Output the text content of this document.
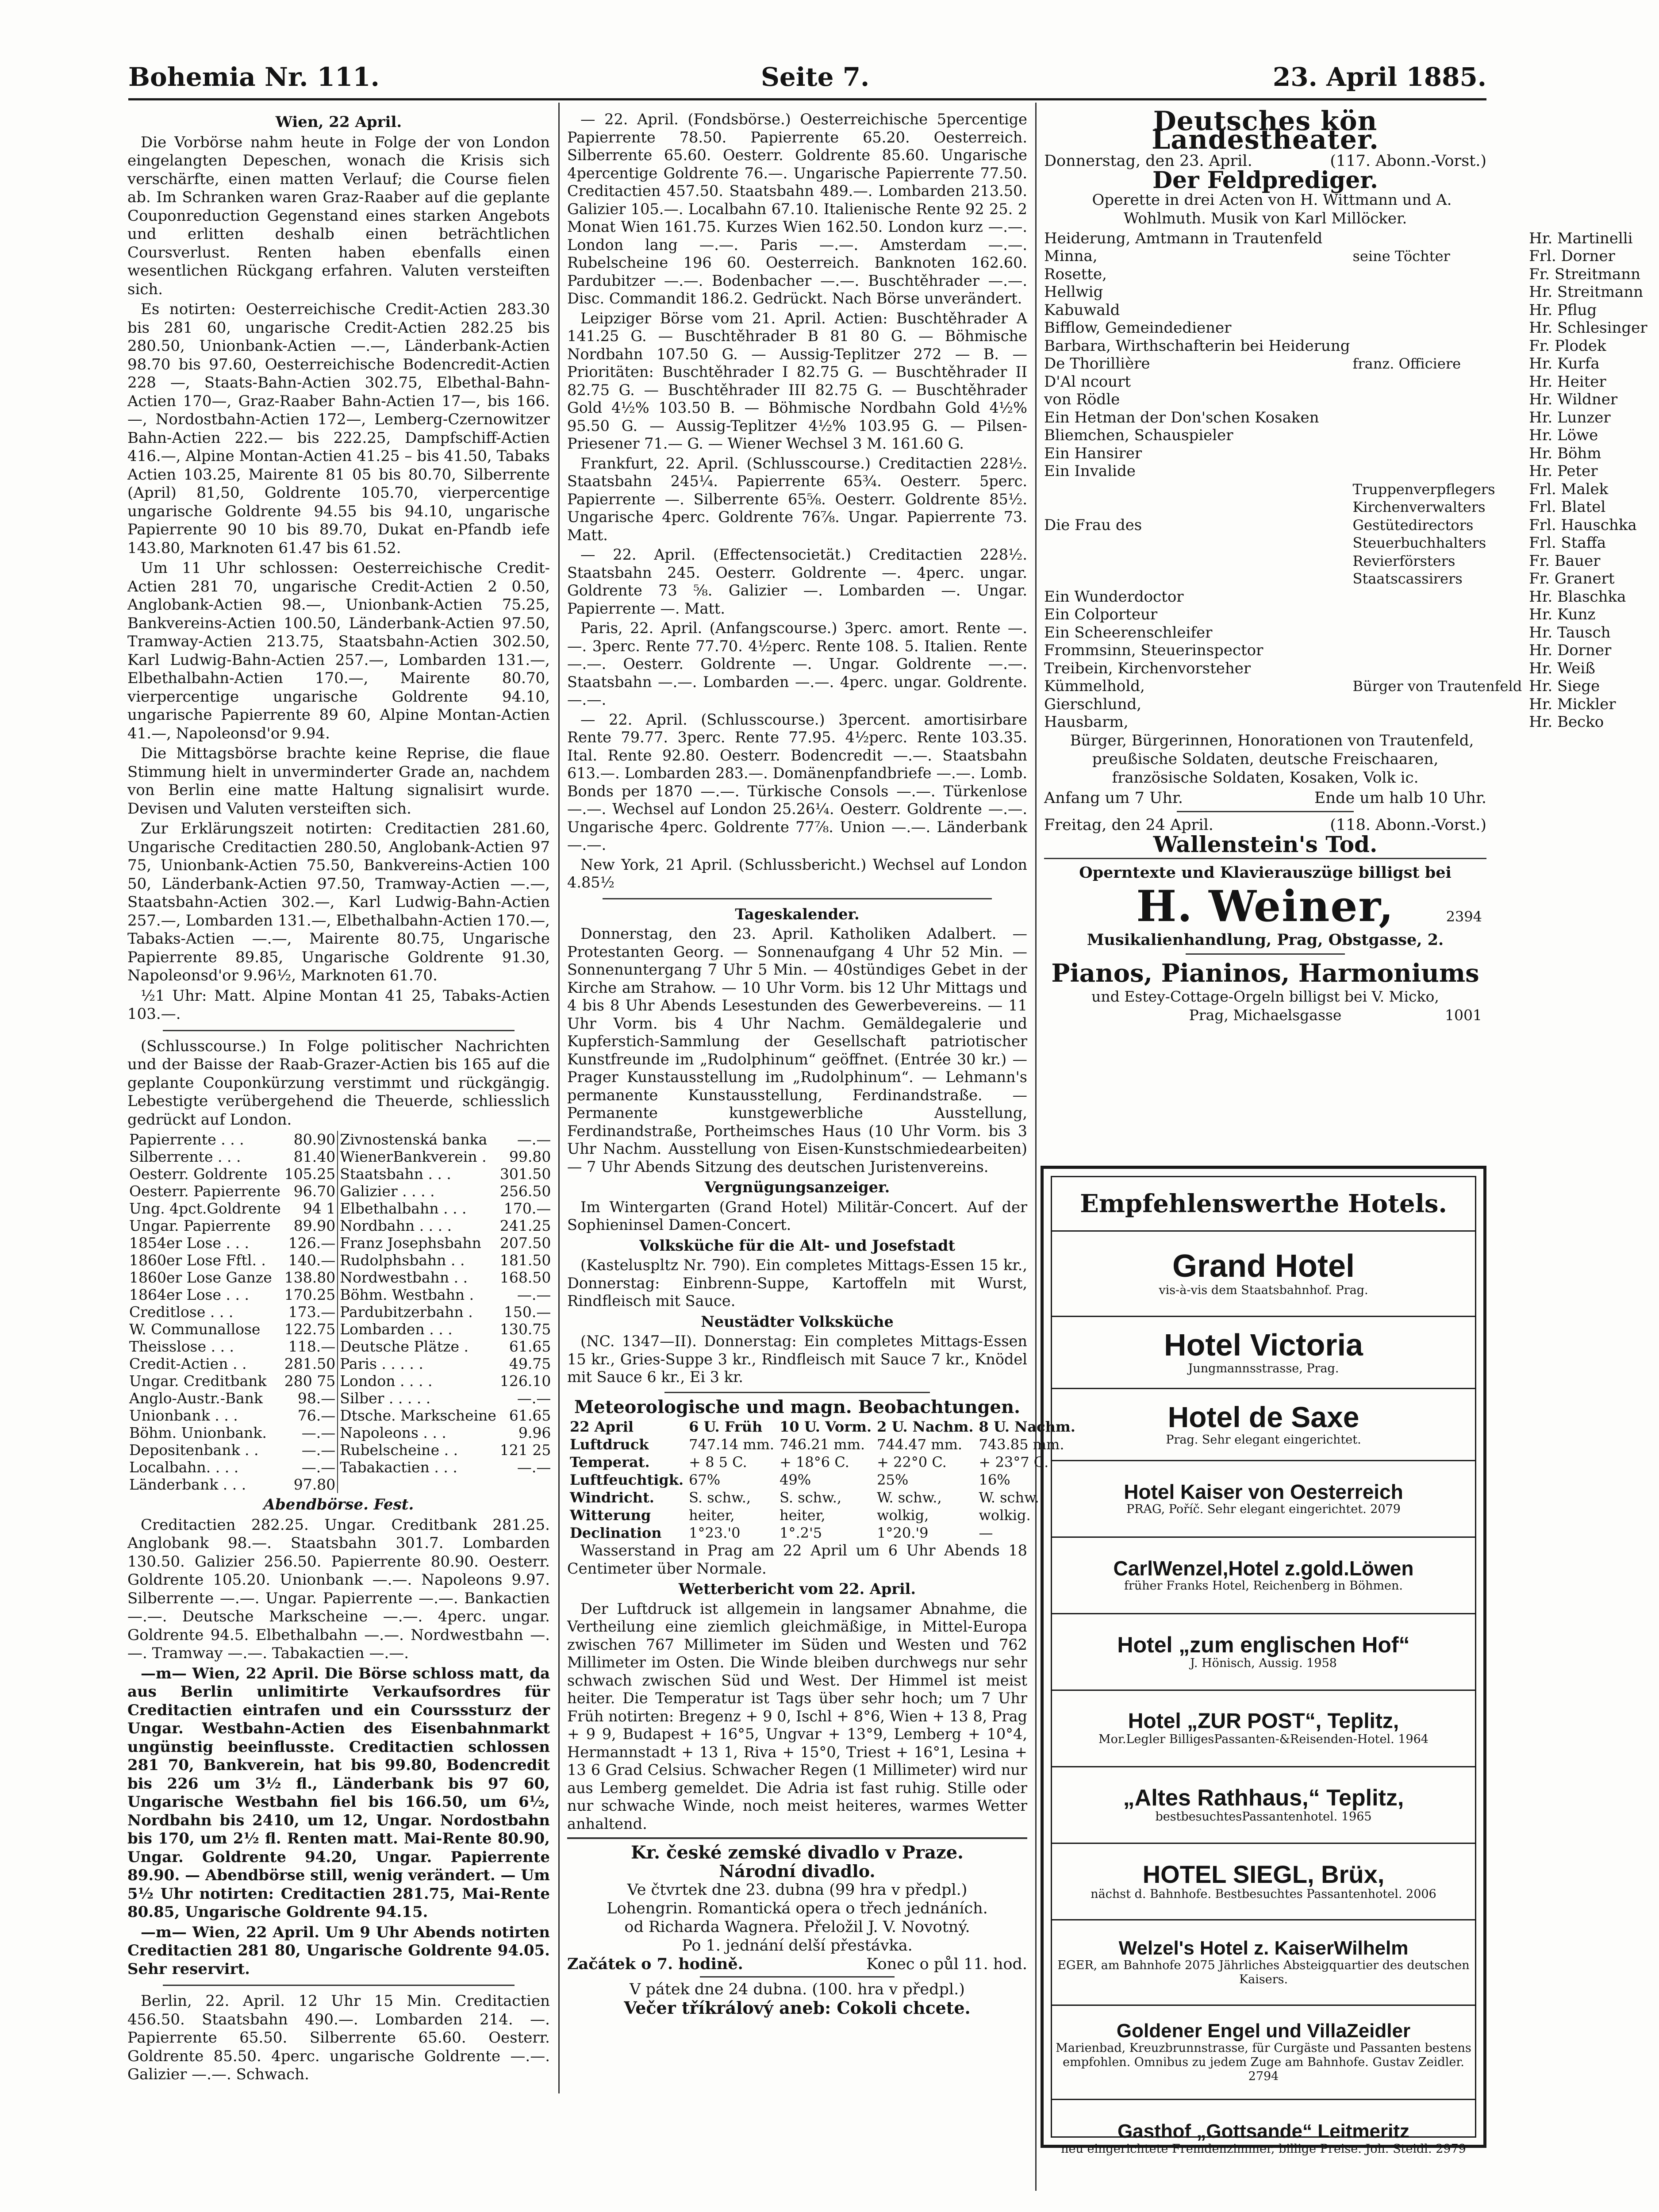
Bohemia Nr. 111.	Seite 7.	23. April 1885.

Wien, 22 April.

Die Vorbörse nahm heute in Folge der von London eingelangten Depeschen, wonach die Krisis sich verschärfte, einen matten Verlauf; die Course fielen ab. Im Schranken waren Graz-Raaber auf die geplante Couponreduction Gegenstand eines starken Angebots und erlitten deshalb einen beträchtlichen Coursverlust. Renten haben ebenfalls einen wesentlichen Rückgang erfahren. Valuten versteiften sich.

Es notirten: Oesterreichische Credit-Actien 283.30 bis 281 60, ungarische Credit-Actien 282.25 bis 280.50, Unionbank-Actien —.—, Länderbank-Actien 98.70 bis 97.60, Oesterreichische Bodencredit-Actien 228 —, Staats-Bahn-Actien 302.75, Elbethal-Bahn-Actien 170—, Graz-Raaber Bahn-Actien 17—, bis 166.—, Nordostbahn-Actien 172—, Lemberg-Czernowitzer Bahn-Actien 222.— bis 222.25, Dampfschiff-Actien 416.—, Alpine Montan-Actien 41.25 – bis 41.50, Tabaks Actien 103.25, Mairente 81 05 bis 80.70, Silberrente (April) 81,50, Goldrente 105.70, vierpercentige ungarische Goldrente 94.55 bis 94.10, ungarische Papierrente 90 10 bis 89.70, Dukat en-Pfandb iefe 143.80, Marknoten 61.47 bis 61.52.

Um 11 Uhr schlossen: Oesterreichische Credit-Actien 281 70, ungarische Credit-Actien 2 0.50, Anglobank-Actien 98.—, Unionbank-Actien 75.25, Bankvereins-Actien 100.50, Länderbank-Actien 97.50, Tramway-Actien 213.75, Staatsbahn-Actien 302.50, Karl Ludwig-Bahn-Actien 257.—, Lombarden 131.—, Elbethalbahn-Actien 170.—, Mairente 80.70, vierpercentige ungarische Goldrente 94.10, ungarische Papierrente 89 60, Alpine Montan-Actien 41.—, Napoleonsd'or 9.94.

Die Mittagsbörse brachte keine Reprise, die flaue Stimmung hielt in unverminderter Grade an, nachdem von Berlin eine matte Haltung signalisirt wurde. Devisen und Valuten versteiften sich.

Zur Erklärungszeit notirten: Creditactien 281.60, Ungarische Creditactien 280.50, Anglobank-Actien 97 75, Unionbank-Actien 75.50, Bankvereins-Actien 100 50, Länderbank-Actien 97.50, Tramway-Actien —.—, Staatsbahn-Actien 302.—, Karl Ludwig-Bahn-Actien 257.—, Lombarden 131.—, Elbethalbahn-Actien 170.—, Tabaks-Actien —.—, Mairente 80.75, Ungarische Papierrente 89.85, Ungarische Goldrente 91.30, Napoleonsd'or 9.96½, Marknoten 61.70.

½1 Uhr: Matt. Alpine Montan 41 25, Tabaks-Actien 103.—.

(Schlusscourse.) In Folge politischer Nachrichten und der Baisse der Raab-Grazer-Actien bis 165 auf die geplante Couponkürzung verstimmt und rückgängig. Lebestigte verübergehend die Theuerde, schliesslich gedrückt auf London.

Papierrente . . .	80.90	Zivnostenská banka	—.—
Silberrente . . .	81.40	WienerBankverein .	99.80
Oesterr. Goldrente	105.25	Staatsbahn . . .	301.50
Oesterr. Papierrente	96.70	Galizier . . . .	256.50
Ung. 4pct.Goldrente	94 1	Elbethalbahn . . .	170.—
Ungar. Papierrente	89.90	Nordbahn . . . .	241.25
1854er Lose . . .	126.—	Franz Josephsbahn	207.50
1860er Lose Fftl. .	140.—	Rudolphsbahn . .	181.50
1860er Lose Ganze	138.80	Nordwestbahn . .	168.50
1864er Lose . . .	170.25	Böhm. Westbahn .	—.—
Creditlose . . .	173.—	Pardubitzerbahn .	150.—
W. Communallose	122.75	Lombarden . . .	130.75
Theisslose . . .	118.—	Deutsche Plätze .	61.65
Credit-Actien . .	281.50	Paris . . . . .	49.75
Ungar. Creditbank	280 75	London . . . .	126.10
Anglo-Austr.-Bank	98.—	Silber . . . . .	—.—
Unionbank . . .	76.—	Dtsche. Markscheine	61.65
Böhm. Unionbank.	—.—	Napoleons . . .	9.96
Depositenbank . .	—.—	Rubelscheine . .	121 25
Localbahn. . . .	—.—	Tabakactien . . .	—.—
Länderbank . . .	97.80		

Abendbörse. Fest.

Creditactien 282.25. Ungar. Creditbank 281.25. Anglobank 98.—. Staatsbahn 301.7. Lombarden 130.50. Galizier 256.50. Papierrente 80.90. Oesterr. Goldrente 105.20. Unionbank —.—. Napoleons 9.97. Silberrente —.—. Ungar. Papierrente —.—. Bankactien —.—. Deutsche Markscheine —.—. 4perc. ungar. Goldrente 94.5. Elbethalbahn —.—. Nordwestbahn —.—. Tramway —.—. Tabakactien —.—.

—m— Wien, 22 April. Die Börse schloss matt, da aus Berlin unlimitirte Verkaufsordres für Creditactien eintrafen und ein Coursssturz der Ungar. Westbahn-Actien des Eisenbahnmarkt ungünstig beeinflusste. Creditactien schlossen 281 70, Bankverein, hat bis 99.80, Bodencredit bis 226 um 3½ fl., Länderbank bis 97 60, Ungarische Westbahn fiel bis 166.50, um 6½, Nordbahn bis 2410, um 12, Ungar. Nordostbahn bis 170, um 2½ fl. Renten matt. Mai-Rente 80.90, Ungar. Goldrente 94.20, Ungar. Papierrente 89.90. — Abendbörse still, wenig verändert. — Um 5½ Uhr notirten: Creditactien 281.75, Mai-Rente 80.85, Ungarische Goldrente 94.15.

—m— Wien, 22 April. Um 9 Uhr Abends notirten Creditactien 281 80, Ungarische Goldrente 94.05. Sehr reservirt.

Berlin, 22. April. 12 Uhr 15 Min. Creditactien 456.50. Staatsbahn 490.—. Lombarden 214. —. Papierrente 65.50. Silberrente 65.60. Oesterr. Goldrente 85.50. 4perc. ungarische Goldrente —.—. Galizier —.—. Schwach.

— 22. April. (Fondsbörse.) Oesterreichische 5percentige Papierrente 78.50. Papierrente 65.20. Oesterreich. Silberrente 65.60. Oesterr. Goldrente 85.60. Ungarische 4percentige Goldrente 76.—. Ungarische Papierrente 77.50. Creditactien 457.50. Staatsbahn 489.—. Lombarden 213.50. Galizier 105.—. Localbahn 67.10. Italienische Rente 92 25. 2 Monat Wien 161.75. Kurzes Wien 162.50. London kurz —.—. London lang —.—. Paris —.—. Amsterdam —.—. Rubelscheine 196 60. Oesterreich. Banknoten 162.60. Pardubitzer —.—. Bodenbacher —.—. Buschtěhrader —.—. Disc. Commandit 186.2. Gedrückt. Nach Börse unverändert.

Leipziger Börse vom 21. April. Actien: Buschtěhrader A 141.25 G. — Buschtěhrader B 81 80 G. — Böhmische Nordbahn 107.50 G. — Aussig-Teplitzer 272 — B. — Prioritäten: Buschtěhrader I 82.75 G. — Buschtěhrader II 82.75 G. — Buschtěhrader III 82.75 G. — Buschtěhrader Gold 4½% 103.50 B. — Böhmische Nordbahn Gold 4½% 95.50 G. — Aussig-Teplitzer 4½% 103.95 G. — Pilsen-Priesener 71.— G. — Wiener Wechsel 3 M. 161.60 G.

Frankfurt, 22. April. (Schlusscourse.) Creditactien 228½. Staatsbahn 245¼. Papierrente 65¾. Oesterr. 5perc. Papierrente —. Silberrente 65⅝. Oesterr. Goldrente 85½. Ungarische 4perc. Goldrente 76⅞. Ungar. Papierrente 73. Matt.

— 22. April. (Effectensocietät.) Creditactien 228½. Staatsbahn 245. Oesterr. Goldrente —. 4perc. ungar. Goldrente 73 ⅝. Galizier —. Lombarden —. Ungar. Papierrente —. Matt.

Paris, 22. April. (Anfangscourse.) 3perc. amort. Rente —.—. 3perc. Rente 77.70. 4½perc. Rente 108. 5. Italien. Rente —.—. Oesterr. Goldrente —. Ungar. Goldrente —.—. Staatsbahn —.—. Lombarden —.—. 4perc. ungar. Goldrente. —.—.

— 22. April. (Schlusscourse.) 3percent. amortisirbare Rente 79.77. 3perc. Rente 77.95. 4½perc. Rente 103.35. Ital. Rente 92.80. Oesterr. Bodencredit —.—. Staatsbahn 613.—. Lombarden 283.—. Domänenpfandbriefe —.—. Lomb. Bonds per 1870 —.—. Türkische Consols —.—. Türkenlose —.—. Wechsel auf London 25.26¼. Oesterr. Goldrente —.—. Ungarische 4perc. Goldrente 77⅞. Union —.—. Länderbank —.—.

New York, 21 April. (Schlussbericht.) Wechsel auf London 4.85½

Tageskalender.

Donnerstag, den 23. April. Katholiken Adalbert. — Protestanten Georg. — Sonnenaufgang 4 Uhr 52 Min. — Sonnenuntergang 7 Uhr 5 Min. — 40stündiges Gebet in der Kirche am Strahow. — 10 Uhr Vorm. bis 12 Uhr Mittags und 4 bis 8 Uhr Abends Lesestunden des Gewerbevereins. — 11 Uhr Vorm. bis 4 Uhr Nachm. Gemäldegalerie und Kupferstich-Sammlung der Gesellschaft patriotischer Kunstfreunde im „Rudolphinum“ geöffnet. (Entrée 30 kr.) — Prager Kunstausstellung im „Rudolphinum“. — Lehmann's permanente Kunstausstellung, Ferdinandstraße. — Permanente kunstgewerbliche Ausstellung, Ferdinandstraße, Portheimsches Haus (10 Uhr Vorm. bis 3 Uhr Nachm. Ausstellung von Eisen-Kunstschmiedearbeiten) — 7 Uhr Abends Sitzung des deutschen Juristenvereins.

Vergnügungsanzeiger.

Im Wintergarten (Grand Hotel) Militär-Concert. Auf der Sophieninsel Damen-Concert.

Volksküche für die Alt- und Josefstadt

(Kasteluspltz Nr. 790). Ein completes Mittags-Essen 15 kr., Donnerstag: Einbrenn-Suppe, Kartoffeln mit Wurst, Rindfleisch mit Sauce.

Neustädter Volksküche

(NC. 1347—II). Donnerstag: Ein completes Mittags-Essen 15 kr., Gries-Suppe 3 kr., Rindfleisch mit Sauce 7 kr., Knödel mit Sauce 6 kr., Ei 3 kr.

Meteorologische und magn. Beobachtungen.

22 April	6 U. Früh	10 U. Vorm.	2 U. Nachm.	8 U. Nachm.
Luftdruck	747.14 mm.	746.21 mm.	744.47 mm.	743.85 mm.
Temperat.	+ 8 5 C.	+ 18°6 C.	+ 22°0 C.	+ 23°7 C.
Luftfeuchtigk.	67%	49%	25%	16%
Windricht.	S. schw.,	S. schw.,	W. schw.,	W. schw.
Witterung	heiter,	heiter,	wolkig,	wolkig.
Declination	1°23.'0	1°.2'5	1°20.'9	—

Wasserstand in Prag am 22 April um 6 Uhr Abends 18 Centimeter über Normale.

Wetterbericht vom 22. April.

Der Luftdruck ist allgemein in langsamer Abnahme, die Vertheilung eine ziemlich gleichmäßige, in Mittel-Europa zwischen 767 Millimeter im Süden und Westen und 762 Millimeter im Osten. Die Winde bleiben durchwegs nur sehr schwach zwischen Süd und West. Der Himmel ist meist heiter. Die Temperatur ist Tags über sehr hoch; um 7 Uhr Früh notirten: Bregenz + 9 0, Ischl + 8°6, Wien + 13 8, Prag + 9 9, Budapest + 16°5, Ungvar + 13°9, Lemberg + 10°4, Hermannstadt + 13 1, Riva + 15°0, Triest + 16°1, Lesina + 13 6 Grad Celsius. Schwacher Regen (1 Millimeter) wird nur aus Lemberg gemeldet. Die Adria ist fast ruhig. Stille oder nur schwache Winde, noch meist heiteres, warmes Wetter anhaltend.

Kr. české zemské divadlo v Praze.
Národní divadlo.
Ve čtvrtek dne 23. dubna (99 hra v předpl.)
Lohengrin. Romantická opera o třech jednáních.
od Richarda Wagnera. Přeložil J. V. Novotný.
Po 1. jednání delší přestávka.
Začátek o 7. hodině.	Konec o půl 11. hod.
V pátek dne 24 dubna. (100. hra v předpl.)
Večer tříkrálový aneb: Cokoli chcete.
Deutsches kön Landestheater.
Donnerstag, den 23. April.	(117. Abonn.-Vorst.)
Der Feldprediger.

Operette in drei Acten von H. Wittmann und A. Wohlmuth. Musik von Karl Millöcker.

Heiderung, Amtmann in Trautenfeld		Hr. Martinelli
Minna,	seine Töchter	Frl. Dorner
Rosette,		Fr. Streitmann
Hellwig		Hr. Streitmann
Kabuwald		Hr. Pflug
Bifflow, Gemeindediener		Hr. Schlesinger
Barbara, Wirthschafterin bei Heiderung		Fr. Plodek
De Thorillière	franz. Officiere	Hr. Kurfa
D'Al ncourt		Hr. Heiter
von Rödle		Hr. Wildner
Ein Hetman der Don'schen Kosaken		Hr. Lunzer
Bliemchen, Schauspieler		Hr. Löwe
Ein Hansirer		Hr. Böhm
Ein Invalide		Hr. Peter
	Truppenverpflegers	Frl. Malek
	Kirchenverwalters	Frl. Blatel
Die Frau des	Gestütedirectors	Frl. Hauschka
	Steuerbuchhalters	Frl. Staffa
	Revierförsters	Fr. Bauer
	Staatscassirers	Fr. Granert
Ein Wunderdoctor		Hr. Blaschka
Ein Colporteur		Hr. Kunz
Ein Scheerenschleifer		Hr. Tausch
Frommsinn, Steuerinspector		Hr. Dorner
Treibein, Kirchenvorsteher		Hr. Weiß
Kümmelhold,	Bürger von Trautenfeld	Hr. Siege
Gierschlund,		Hr. Mickler
Hausbarm,		Hr. Becko

Bürger, Bürgerinnen, Honorationen von Trautenfeld, preußische Soldaten, deutsche Freischaaren, französische Soldaten, Kosaken, Volk ic.

Anfang um 7 Uhr.	Ende um halb 10 Uhr.
Freitag, den 24 April.	(118. Abonn.-Vorst.)
Wallenstein's Tod.
Operntexte und Klavierauszüge billigst bei
H. Weiner,	2394
Musikalienhandlung, Prag, Obstgasse, 2.
Pianos, Pianinos, Harmoniums
und Estey-Cottage-Orgeln billigst bei V. Micko,
Prag, Michaelsgasse	1001
Empfehlenswerthe Hotels.
Grand Hotel
vis-à-vis dem Staatsbahnhof. Prag.
Hotel Victoria
Jungmannsstrasse, Prag.
Hotel de Saxe
Prag. Sehr elegant eingerichtet.
Hotel Kaiser von Oesterreich
PRAG, Poříč. Sehr elegant eingerichtet. 2079
CarlWenzel,Hotel z.gold.Löwen
früher Franks Hotel, Reichenberg in Böhmen.
Hotel „zum englischen Hof“
J. Hönisch, Aussig. 1958
Hotel „ZUR POST“, Teplitz,
Mor.Legler BilligesPassanten-&Reisenden-Hotel. 1964
„Altes Rathhaus,“ Teplitz,
bestbesuchtesPassantenhotel. 1965
HOTEL SIEGL, Brüx,
nächst d. Bahnhofe. Bestbesuchtes Passantenhotel. 2006
Welzel's Hotel z. KaiserWilhelm
EGER, am Bahnhofe 2075 Jährliches Absteigquartier des deutschen Kaisers.
Goldener Engel und VillaZeidler
Marienbad, Kreuzbrunnstrasse, für Curgäste und Passanten bestens empfohlen. Omnibus zu jedem Zuge am Bahnhofe. Gustav Zeidler. 2794
Gasthof „Gottsande“ Leitmeritz
neu eingerichtete Fremdenzimmer, billige Preise. Joh. Steidl. 2979
